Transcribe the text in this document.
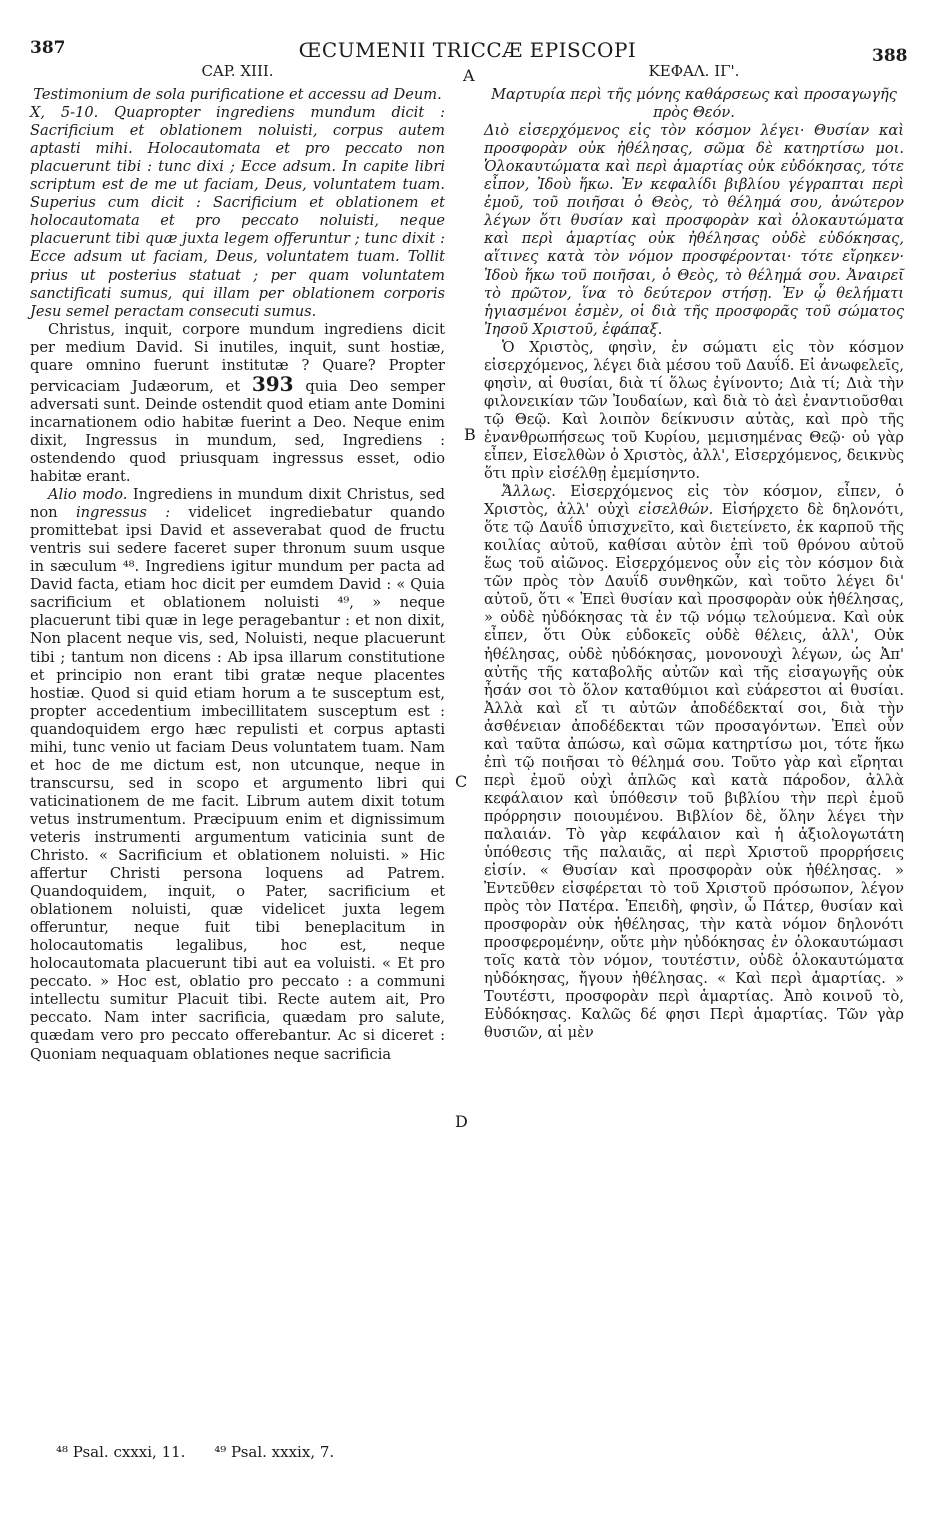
387	ŒCUMENII TRICCÆ EPISCOPI	388
A
B
C
D
CAP. XIII.

Testimonium de sola purificatione et accessu ad Deum.

X, 5-10. Quapropter ingrediens mundum dicit : Sacrificium et oblationem noluisti, corpus autem aptasti mihi. Holocautomata et pro peccato non placuerunt tibi : tunc dixi ; Ecce adsum. In capite libri scriptum est de me ut faciam, Deus, voluntatem tuam. Superius cum dicit : Sacrificium et oblationem et holocautomata et pro peccato noluisti, neque placuerunt tibi quæ juxta legem offeruntur ; tunc dixit : Ecce adsum ut faciam, Deus, voluntatem tuam. Tollit prius ut posterius statuat ; per quam voluntatem sanctificati sumus, qui illam per oblationem corporis Jesu semel peractam consecuti sumus.

Christus, inquit, corpore mundum ingrediens dicit per medium David. Si inutiles, inquit, sunt hostiæ, quare omnino fuerunt institutæ ? Quare? Propter pervicaciam Judæorum, et 393 quia Deo semper adversati sunt. Deinde ostendit quod etiam ante Domini incarnationem odio habitæ fuerint a Deo. Neque enim dixit, Ingressus in mundum, sed, Ingrediens : ostendendo quod priusquam ingressus esset, odio habitæ erant.

Alio modo. Ingrediens in mundum dixit Christus, sed non ingressus : videlicet ingrediebatur quando promittebat ipsi David et asseverabat quod de fructu ventris sui sedere faceret super thronum suum usque in sæculum ⁴⁸. Ingrediens igitur mundum per pacta ad David facta, etiam hoc dicit per eumdem David : « Quia sacrificium et oblationem noluisti ⁴⁹, » neque placuerunt tibi quæ in lege peragebantur : et non dixit, Non placent neque vis, sed, Noluisti, neque placuerunt tibi ; tantum non dicens : Ab ipsa illarum constitutione et principio non erant tibi gratæ neque placentes hostiæ. Quod si quid etiam horum a te susceptum est, propter accedentium imbecillitatem susceptum est : quandoquidem ergo hæc repulisti et corpus aptasti mihi, tunc venio ut faciam Deus voluntatem tuam. Nam et hoc de me dictum est, non utcunque, neque in transcursu, sed in scopo et argumento libri qui vaticinationem de me facit. Librum autem dixit totum vetus instrumentum. Præcipuum enim et dignissimum veteris instrumenti argumentum vaticinia sunt de Christo. « Sacrificium et oblationem noluisti. » Hic affertur Christi persona loquens ad Patrem. Quandoquidem, inquit, o Pater, sacrificium et oblationem noluisti, quæ videlicet juxta legem offeruntur, neque fuit tibi beneplacitum in holocautomatis legalibus, hoc est, neque holocautomata placuerunt tibi aut ea voluisti. « Et pro peccato. » Hoc est, oblatio pro peccato : a communi intellectu sumitur Placuit tibi. Recte autem ait, Pro peccato. Nam inter sacrificia, quædam pro salute, quædam vero pro peccato offerebantur. Ac si diceret : Quoniam nequaquam oblationes neque sacrificia

ΚΕΦΑΛ. ΙΓ'.

Μαρτυρία περὶ τῆς μόνης καθάρσεως καὶ προσαγωγῆς πρὸς Θεόν.

Διὸ εἰσερχόμενος εἰς τὸν κόσμον λέγει· Θυσίαν καὶ προσφορὰν οὐκ ἠθέλησας, σῶμα δὲ κατηρτίσω μοι. Ὁλοκαυτώματα καὶ περὶ ἁμαρτίας οὐκ εὐδόκησας, τότε εἶπον, Ἰδοὺ ἥκω. Ἐν κεφαλίδι βιβλίου γέγραπται περὶ ἐμοῦ, τοῦ ποιῆσαι ὁ Θεὸς, τὸ θέλημά σου, ἀνώτερον λέγων ὅτι θυσίαν καὶ προσφορὰν καὶ ὁλοκαυτώματα καὶ περὶ ἁμαρτίας οὐκ ἠθέλησας οὐδὲ εὐδόκησας, αἵτινες κατὰ τὸν νόμον προσφέρονται· τότε εἴρηκεν· Ἰδοὺ ἥκω τοῦ ποιῆσαι, ὁ Θεὸς, τὸ θέλημά σου. Ἀναιρεῖ τὸ πρῶτον, ἵνα τὸ δεύτερον στήσῃ. Ἐν ᾧ θελήματι ἡγιασμένοι ἐσμὲν, οἱ διὰ τῆς προσφορᾶς τοῦ σώματος Ἰησοῦ Χριστοῦ, ἐφάπαξ.

Ὁ Χριστὸς, φησὶν, ἐν σώματι εἰς τὸν κόσμον εἰσερχόμενος, λέγει διὰ μέσου τοῦ Δαυΐδ. Εἰ ἀνωφελεῖς, φησὶν, αἱ θυσίαι, διὰ τί ὅλως ἐγίνοντο; Διὰ τί; Διὰ τὴν φιλονεικίαν τῶν Ἰουδαίων, καὶ διὰ τὸ ἀεὶ ἐναντιοῦσθαι τῷ Θεῷ. Καὶ λοιπὸν δείκνυσιν αὐτὰς, καὶ πρὸ τῆς ἐνανθρωπήσεως τοῦ Κυρίου, μεμισημένας Θεῷ· οὐ γὰρ εἶπεν, Εἰσελθὼν ὁ Χριστὸς, ἀλλ', Εἰσερχόμενος, δεικνὺς ὅτι πρὶν εἰσέλθῃ ἐμεμίσηντο.

Ἄλλως. Εἰσερχόμενος εἰς τὸν κόσμον, εἶπεν, ὁ Χριστὸς, ἀλλ' οὐχὶ εἰσελθών. Εἰσήρχετο δὲ δηλονότι, ὅτε τῷ Δαυΐδ ὑπισχνεῖτο, καὶ διετείνετο, ἐκ καρποῦ τῆς κοιλίας αὐτοῦ, καθίσαι αὐτὸν ἐπὶ τοῦ θρόνου αὐτοῦ ἕως τοῦ αἰῶνος. Εἰσερχόμενος οὖν εἰς τὸν κόσμον διὰ τῶν πρὸς τὸν Δαυΐδ συνθηκῶν, καὶ τοῦτο λέγει δι' αὐτοῦ, ὅτι « Ἐπεὶ θυσίαν καὶ προσφορὰν οὐκ ἠθέλησας, » οὐδὲ ηὐδόκησας τὰ ἐν τῷ νόμῳ τελούμενα. Καὶ οὐκ εἶπεν, ὅτι Οὐκ εὐδοκεῖς οὐδὲ θέλεις, ἀλλ', Οὐκ ἠθέλησας, οὐδὲ ηὐδόκησας, μονονουχὶ λέγων, ὡς Ἀπ' αὐτῆς τῆς καταβολῆς αὐτῶν καὶ τῆς εἰσαγωγῆς οὐκ ἦσάν σοι τὸ ὅλον καταθύμιοι καὶ εὐάρεστοι αἱ θυσίαι. Ἀλλὰ καὶ εἴ τι αὐτῶν ἀποδέδεκταί σοι, διὰ τὴν ἀσθένειαν ἀποδέδεκται τῶν προσαγόντων. Ἐπεὶ οὖν καὶ ταῦτα ἀπώσω, καὶ σῶμα κατηρτίσω μοι, τότε ἥκω ἐπὶ τῷ ποιῆσαι τὸ θέλημά σου. Τοῦτο γὰρ καὶ εἴρηται περὶ ἐμοῦ οὐχὶ ἁπλῶς καὶ κατὰ πάροδον, ἀλλὰ κεφάλαιον καὶ ὑπόθεσιν τοῦ βιβλίου τὴν περὶ ἐμοῦ πρόρρησιν ποιουμένου. Βιβλίον δὲ, ὅλην λέγει τὴν παλαιάν. Τὸ γὰρ κεφάλαιον καὶ ἡ ἀξιολογωτάτη ὑπόθεσις τῆς παλαιᾶς, αἱ περὶ Χριστοῦ προρρήσεις εἰσίν. « Θυσίαν καὶ προσφορὰν οὐκ ἠθέλησας. » Ἐντεῦθεν εἰσφέρεται τὸ τοῦ Χριστοῦ πρόσωπον, λέγον πρὸς τὸν Πατέρα. Ἐπειδὴ, φησὶν, ὦ Πάτερ, θυσίαν καὶ προσφορὰν οὐκ ἠθέλησας, τὴν κατὰ νόμον δηλονότι προσφερομένην, οὔτε μὴν ηὐδόκησας ἐν ὁλοκαυτώμασι τοῖς κατὰ τὸν νόμον, τουτέστιν, οὐδὲ ὁλοκαυτώματα ηὐδόκησας, ἤγουν ἠθέλησας. « Καὶ περὶ ἁμαρτίας. » Τουτέστι, προσφορὰν περὶ ἁμαρτίας. Ἀπὸ κοινοῦ τὸ, Εὐδόκησας. Καλῶς δέ φησι Περὶ ἁμαρτίας. Τῶν γὰρ θυσιῶν, αἱ μὲν

⁴⁸ Psal. cxxxi, 11. ⁴⁹ Psal. xxxix, 7.
